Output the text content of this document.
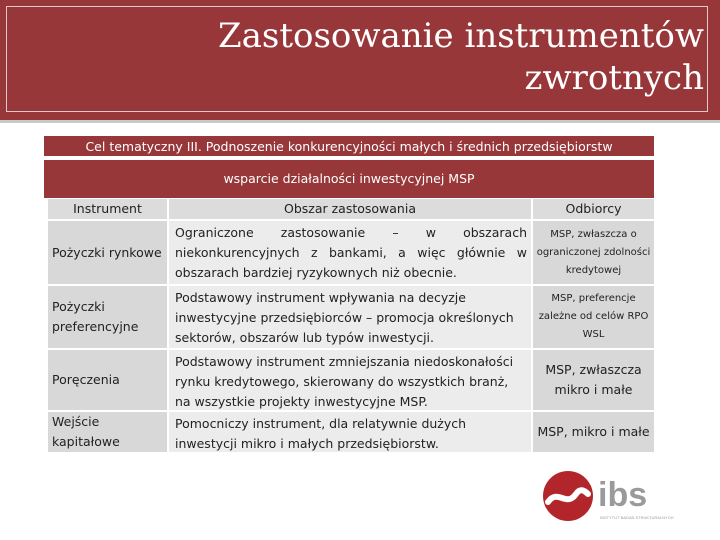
Zastosowanie instrumentów
zwrotnych
Cel tematyczny III. Podnoszenie konkurencyjności małych i średnich przedsiębiorstw
wsparcie działalności inwestycyjnej MSP
Instrument	Obszar zastosowania	Odbiorcy
Pożyczki rynkowe
Ograniczone zastosowanie – w obszarach niekonkurencyjnych z bankami, a więc głównie w obszarach bardziej ryzykownych niż obecnie.
MSP, zwłaszcza o ograniczonej zdolności kredytowej
Pożyczki preferencyjne
Podstawowy instrument wpływania na decyzje inwestycyjne przedsiębiorców – promocja określonych sektorów, obszarów lub typów inwestycji.
MSP, preferencje zależne od celów RPO WSL
Poręczenia
Podstawowy instrument zmniejszania niedoskonałości rynku kredytowego, skierowany do wszystkich branż, na wszystkie projekty inwestycyjne MSP.
MSP, zwłaszcza mikro i małe
Wejście kapitałowe
Pomocniczy instrument, dla relatywnie dużych inwestycji mikro i małych przedsiębiorstw.
MSP, mikro i małe
ibs
INSTYTUT BADAŃ STRUKTURALNYCH
